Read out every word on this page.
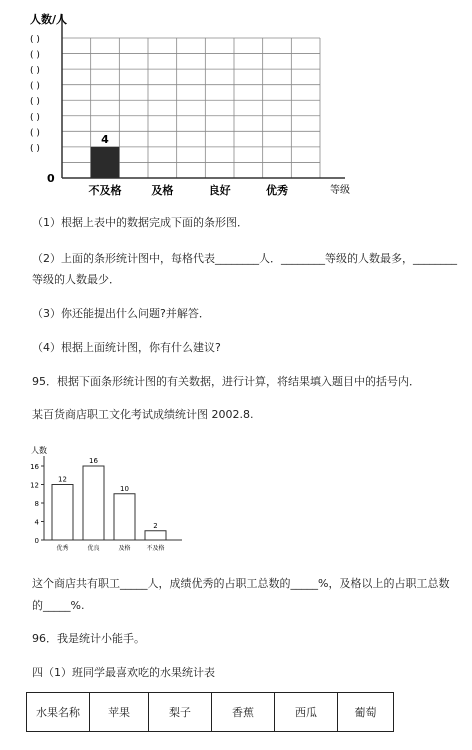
( )
( )
( )
( )
( )
( )
( )
( )
4
人数/人
0
等级
不及格	及格	良好	优秀
（1）根据上表中的数据完成下面的条形图．
（2）上面的条形统计图中，每格代表________人．________等级的人数最多，________
等级的人数最少．
（3）你还能提出什么问题?并解答．
（4）根据上面统计图，你有什么建议?
95．根据下面条形统计图的有关数据，进行计算，将结果填入题目中的括号内．
某百货商店职工文化考试成绩统计图 2002.8.
人数
16
12
8
4
0
12
优秀
16
优良
10
及格
2
不及格
这个商店共有职工_____人，成绩优秀的占职工总数的_____%，及格以上的占职工总数
的_____%.
96．我是统计小能手。
四（1）班同学最喜欢吃的水果统计表
水果名称	苹果	梨子	香蕉	西瓜	葡萄
